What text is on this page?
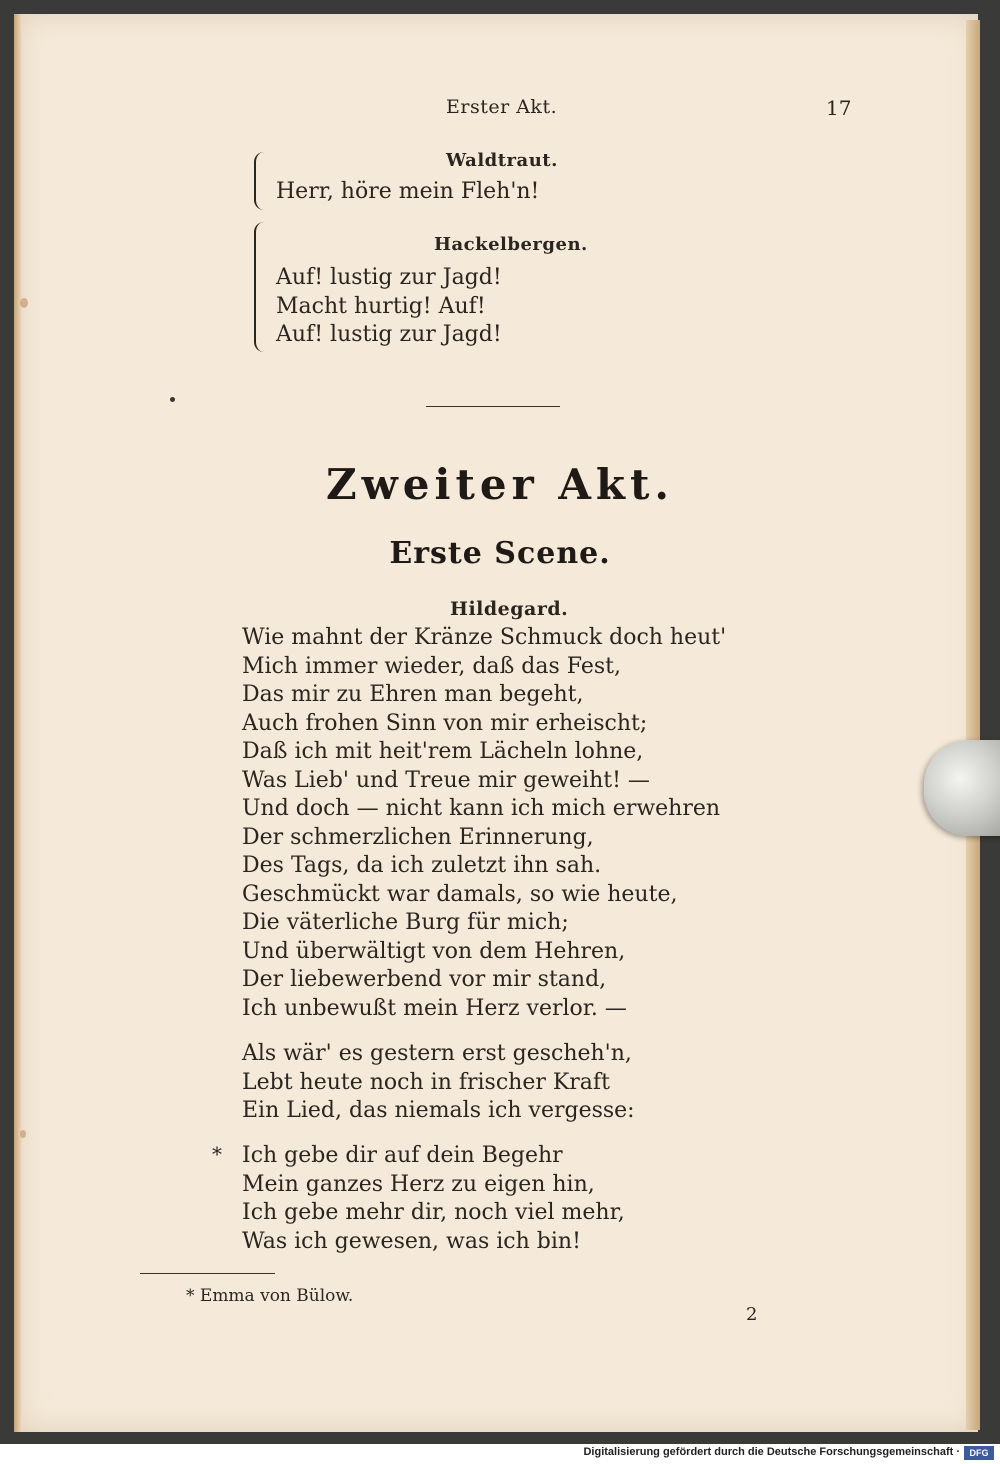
Erster Akt.	17
Waldtraut.
Herr, höre mein Fleh'n!
Hackelbergen.
Auf! lustig zur Jagd!
Macht hurtig! Auf!
Auf! lustig zur Jagd!
Zweiter Akt.
Erste Scene.
Hildegard.
Wie mahnt der Kränze Schmuck doch heut'
Mich immer wieder, daß das Fest,
Das mir zu Ehren man begeht,
Auch frohen Sinn von mir erheischt;
Daß ich mit heit'rem Lächeln lohne,
Was Lieb' und Treue mir geweiht! —
Und doch — nicht kann ich mich erwehren
Der schmerzlichen Erinnerung,
Des Tags, da ich zuletzt ihn sah.
Geschmückt war damals, so wie heute,
Die väterliche Burg für mich;
Und überwältigt von dem Hehren,
Der liebewerbend vor mir stand,
Ich unbewußt mein Herz verlor. —
Als wär' es gestern erst gescheh'n,
Lebt heute noch in frischer Kraft
Ein Lied, das niemals ich vergesse:
* Ich gebe dir auf dein Begehr
Mein ganzes Herz zu eigen hin,
Ich gebe mehr dir, noch viel mehr,
Was ich gewesen, was ich bin!
* Emma von Bülow.
2
Digitalisierung gefördert durch die Deutsche Forschungsgemeinschaft ·	DFG
